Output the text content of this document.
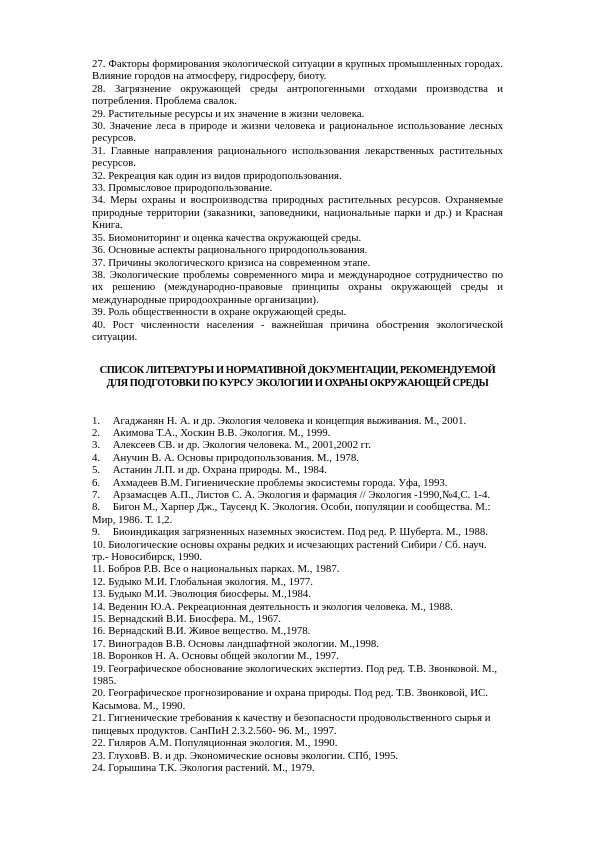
27. Факторы формирования экологической ситуации в крупных промышленных городах. Влияние городов на атмосферу, гидросферу, биоту.

28. Загрязнение окружающей среды антропогенными отходами производства и потребления. Проблема свалок.

29. Растительные ресурсы и их значение в жизни человека.

30. Значение леса в природе и жизни человека и рациональное использование лесных ресурсов.

31. Главные направления рационального использования лекарственных растительных ресурсов.

32. Рекреация как один из видов природопользования.

33. Промысловое природопользование.

34. Меры охраны и воспроизводства природных растительных ресурсов. Охраняемые природные территории (заказники, заповедники, национальные парки и др.) и Красная Книга.

35. Биомониторинг и оценка качества окружающей среды.

36. Основные аспекты рационального природопользования.

37. Причины экологического кризиса на современном этапе.

38. Экологические проблемы современного мира и международное сотрудничество по их решению (международно-правовые принципы охраны окружающей среды и международные природоохранные организации).

39. Роль общественности в охране окружающей среды.

40. Рост численности населения - важнейшая причина обострения экологической ситуации.

СПИСОК ЛИТЕРАТУРЫ И НОРМАТИВНОЙ ДОКУМЕНТАЦИИ, РЕКОМЕНДУЕМОЙ ДЛЯ ПОДГОТОВКИ ПО КУРСУ ЭКОЛОГИИ И ОХРАНЫ ОКРУЖАЮЩЕЙ СРЕДЫ

1. Агаджанян Н. А. и др. Экология человека и концепция выживания. М., 2001.

2. Акимова Т.А., Хоскин В.В. Экология. М., 1999.

3. Алексеев СВ. и др. Экология человека. М., 2001,2002 гг.

4. Анучин В. А. Основы природопользования. М., 1978.

5. Астанин Л.П. и др. Охрана природы. М., 1984.

6. Ахмадеев В.М. Гигиенические проблемы экосистемы города. Уфа, 1993.

7. Арзамасцев А.П., Листов С. А. Экология и фармация // Экология -1990,№4,С. 1-4.

8. Бигон М., Харпер Дж., Таусенд К. Экология. Особи, популяции и сообщества. М.: Мир, 1986. Т. 1,2.

9. Биоиндикация загрязненных наземных экосистем. Под ред. Р. Шуберта. М., 1988.

10. Биологические основы охраны редких и исчезающих растений Сибири / Сб. науч. тр.- Новосибирск, 1990.

11. Бобров Р.В. Все о национальных парках. М., 1987.

12. Будыко М.И. Глобальная экология. М., 1977.

13. Будыко М.И. Эволюция биосферы. М.,1984.

14. Веденин Ю.А. Рекреационная деятельность и экология человека. М., 1988.

15. Вернадский В.И. Биосфера. М., 1967.

16. Вернадский В.И. Живое вещество. М.,1978.

17. Виноградов В.В. Основы ландшафтной экологии. М.,1998.

18. Воронков Н. А. Основы общей экологии М., 1997.

19. Географическое обоснование экологических экспертиз. Под ред. Т.В. Звонковой. М., 1985.

20. Географическое прогнозирование и охрана природы. Под ред. Т.В. Звонковой, ИС. Касымова. М., 1990.

21. Гигиенические требования к качеству и безопасности продовольственного сырья и пищевых продуктов. СанПиН 2.3.2.560- 96. М., 1997.

22. Гиляров А.М. Популяционная экология. М., 1990.

23. ГлуховВ. В. и др. Экономические основы экологии. СПб, 1995.

24. Горышина Т.К. Экология растений. М., 1979.
